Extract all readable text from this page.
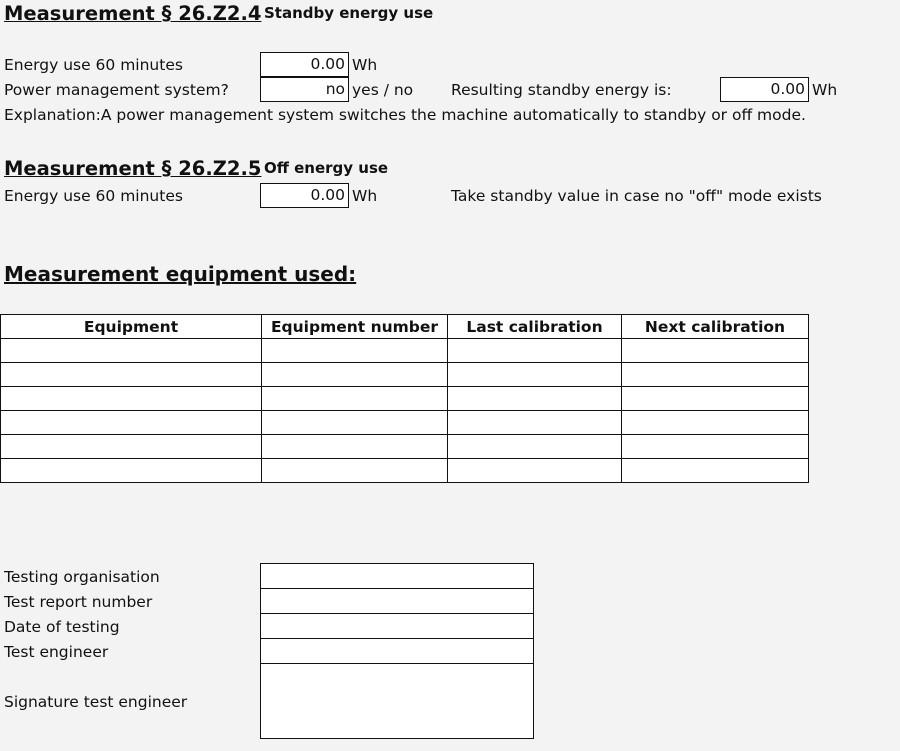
Measurement § 26.Z2.4 Standby energy use
Energy use 60 minutes	0.00 Wh
Power management system?	no yes / no Resulting standby energy is:	0.00 Wh
Explanation:A power management system switches the machine automatically to standby or off mode.
Measurement § 26.Z2.5 Off energy use
Energy use 60 minutes	0.00 Wh	Take standby value in case no "off" mode exists
Measurement equipment used:
Equipment	Equipment number	Last calibration	Next calibration

Testing organisation
Test report number
Date of testing
Test engineer
Signature test engineer
